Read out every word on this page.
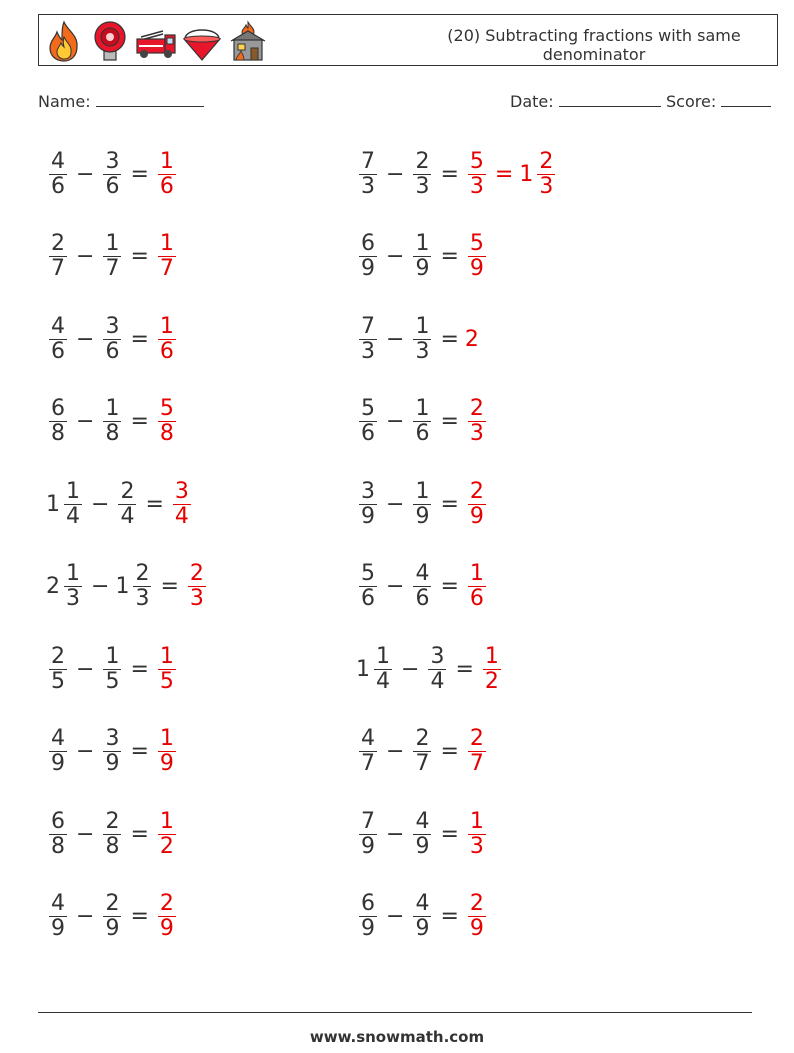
(20) Subtracting fractions with same denominator
Name:	Date:	Score:
$\frac{4}{6} - \frac{3}{6} = \frac{1}{6}$	$\frac{7}{3} - \frac{2}{3} = \frac{5}{3} = 1 \frac{2}{3}$
$\frac{2}{7} - \frac{1}{7} = \frac{1}{7}$	$\frac{6}{9} - \frac{1}{9} = \frac{5}{9}$
$\frac{4}{6} - \frac{3}{6} = \frac{1}{6}$	$\frac{7}{3} - \frac{1}{3} = 2$
$\frac{6}{8} - \frac{1}{8} = \frac{5}{8}$	$\frac{5}{6} - \frac{1}{6} = \frac{2}{3}$
$1 \frac{1}{4} - \frac{2}{4} = \frac{3}{4}$	$\frac{3}{9} - \frac{1}{9} = \frac{2}{9}$
$2 \frac{1}{3} - 1 \frac{2}{3} = \frac{2}{3}$	$\frac{5}{6} - \frac{4}{6} = \frac{1}{6}$
$\frac{2}{5} - \frac{1}{5} = \frac{1}{5}$	$1 \frac{1}{4} - \frac{3}{4} = \frac{1}{2}$
$\frac{4}{9} - \frac{3}{9} = \frac{1}{9}$	$\frac{4}{7} - \frac{2}{7} = \frac{2}{7}$
$\frac{6}{8} - \frac{2}{8} = \frac{1}{2}$	$\frac{7}{9} - \frac{4}{9} = \frac{1}{3}$
$\frac{4}{9} - \frac{2}{9} = \frac{2}{9}$	$\frac{6}{9} - \frac{4}{9} = \frac{2}{9}$
www.snowmath.com
